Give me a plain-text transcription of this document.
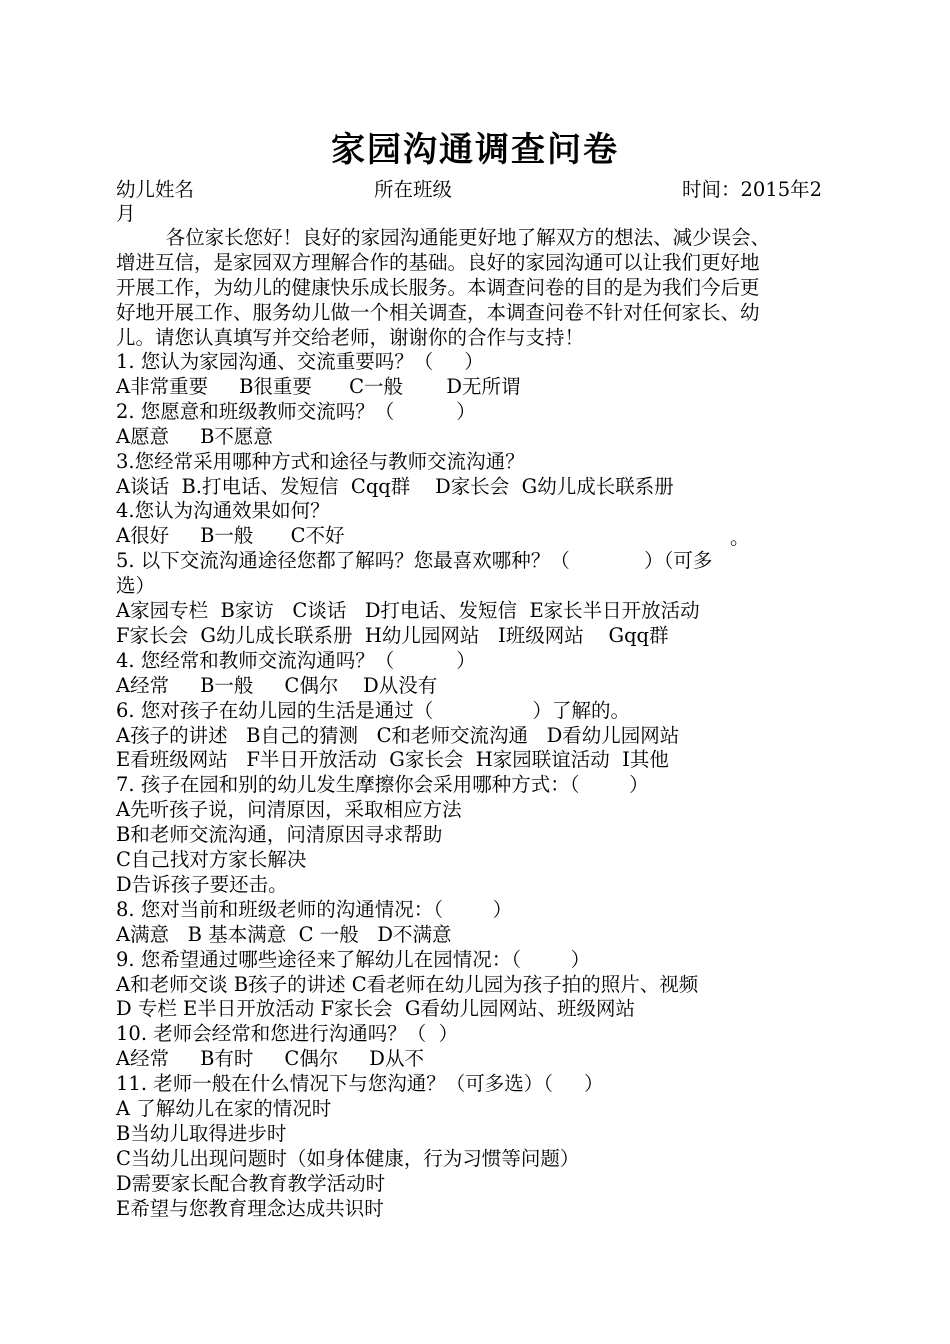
家园沟通调查问卷
幼儿姓名	所在班级	时间：2015年2
月
各位家长您好！良好的家园沟通能更好地了解双方的想法、减少误会、
增进互信，是家园双方理解合作的基础。良好的家园沟通可以让我们更好地
开展工作，为幼儿的健康快乐成长服务。本调查问卷的目的是为我们今后更
好地开展工作、服务幼儿做一个相关调查，本调查问卷不针对任何家长、幼
儿。请您认真填写并交给老师，谢谢你的合作与支持！
1. 您认为家园沟通、交流重要吗？（     ）
A非常重要     B很重要      C一般       D无所谓
2. 您愿意和班级教师交流吗？（          ）
A愿意     B不愿意
3.您经常采用哪种方式和途径与教师交流沟通？
A谈话  B.打电话、发短信  Cqq群    D家长会  G幼儿成长联系册
4.您认为沟通效果如何？
A很好     B一般      C不好
5. 以下交流沟通途径您都了解吗？您最喜欢哪种？（            ）（可多
选）
A家园专栏  B家访   C谈话   D打电话、发短信  E家长半日开放活动
F家长会  G幼儿成长联系册  H幼儿园网站   I班级网站    Gqq群
4. 您经常和教师交流沟通吗？（          ）
A经常     B一般     C偶尔    D从没有
6. 您对孩子在幼儿园的生活是通过（                ）了解的。
A孩子的讲述   B自己的猜测   C和老师交流沟通   D看幼儿园网站
E看班级网站   F半日开放活动  G家长会  H家园联谊活动  I其他
7. 孩子在园和别的幼儿发生摩擦你会采用哪种方式：（        ）
A先听孩子说，问清原因，采取相应方法
B和老师交流沟通，问清原因寻求帮助
C自己找对方家长解决
D告诉孩子要还击。
8. 您对当前和班级老师的沟通情况：（        ）
A满意   B 基本满意  C 一般   D不满意
9. 您希望通过哪些途径来了解幼儿在园情况：（        ）
A和老师交谈 B孩子的讲述 C看老师在幼儿园为孩子拍的照片、视频
D 专栏 E半日开放活动 F家长会  G看幼儿园网站、班级网站
10. 老师会经常和您进行沟通吗？（  ）
A经常     B有时     C偶尔     D从不
11. 老师一般在什么情况下与您沟通？（可多选）（     ）
A 了解幼儿在家的情况时
B当幼儿取得进步时
C当幼儿出现问题时（如身体健康，行为习惯等问题）
D需要家长配合教育教学活动时
E希望与您教育理念达成共识时
。
